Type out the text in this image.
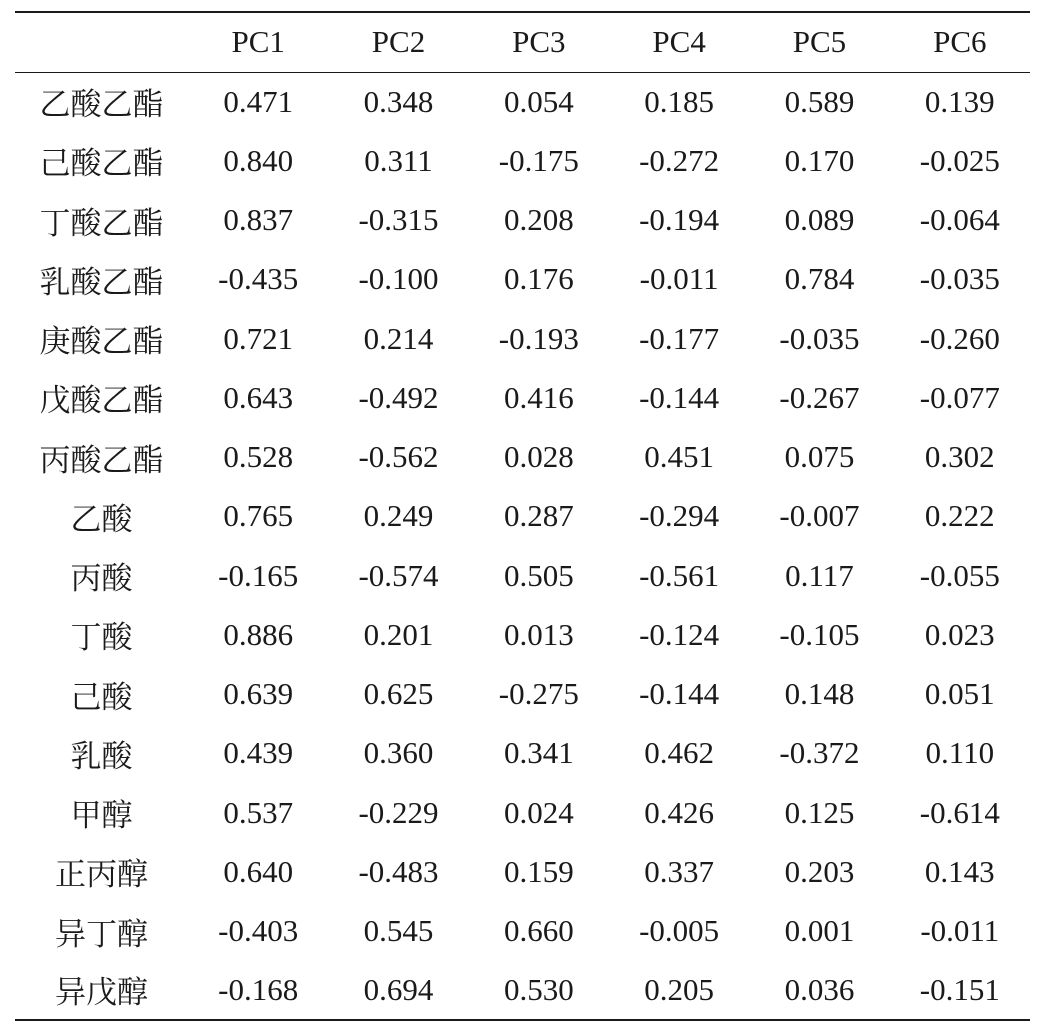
	PC1	PC2	PC3	PC4	PC5	PC6
乙酸乙酯	0.471	0.348	0.054	0.185	0.589	0.139
己酸乙酯	0.840	0.311	-0.175	-0.272	0.170	-0.025
丁酸乙酯	0.837	-0.315	0.208	-0.194	0.089	-0.064
乳酸乙酯	-0.435	-0.100	0.176	-0.011	0.784	-0.035
庚酸乙酯	0.721	0.214	-0.193	-0.177	-0.035	-0.260
戊酸乙酯	0.643	-0.492	0.416	-0.144	-0.267	-0.077
丙酸乙酯	0.528	-0.562	0.028	0.451	0.075	0.302
乙酸	0.765	0.249	0.287	-0.294	-0.007	0.222
丙酸	-0.165	-0.574	0.505	-0.561	0.117	-0.055
丁酸	0.886	0.201	0.013	-0.124	-0.105	0.023
己酸	0.639	0.625	-0.275	-0.144	0.148	0.051
乳酸	0.439	0.360	0.341	0.462	-0.372	0.110
甲醇	0.537	-0.229	0.024	0.426	0.125	-0.614
正丙醇	0.640	-0.483	0.159	0.337	0.203	0.143
异丁醇	-0.403	0.545	0.660	-0.005	0.001	-0.011
异戊醇	-0.168	0.694	0.530	0.205	0.036	-0.151
